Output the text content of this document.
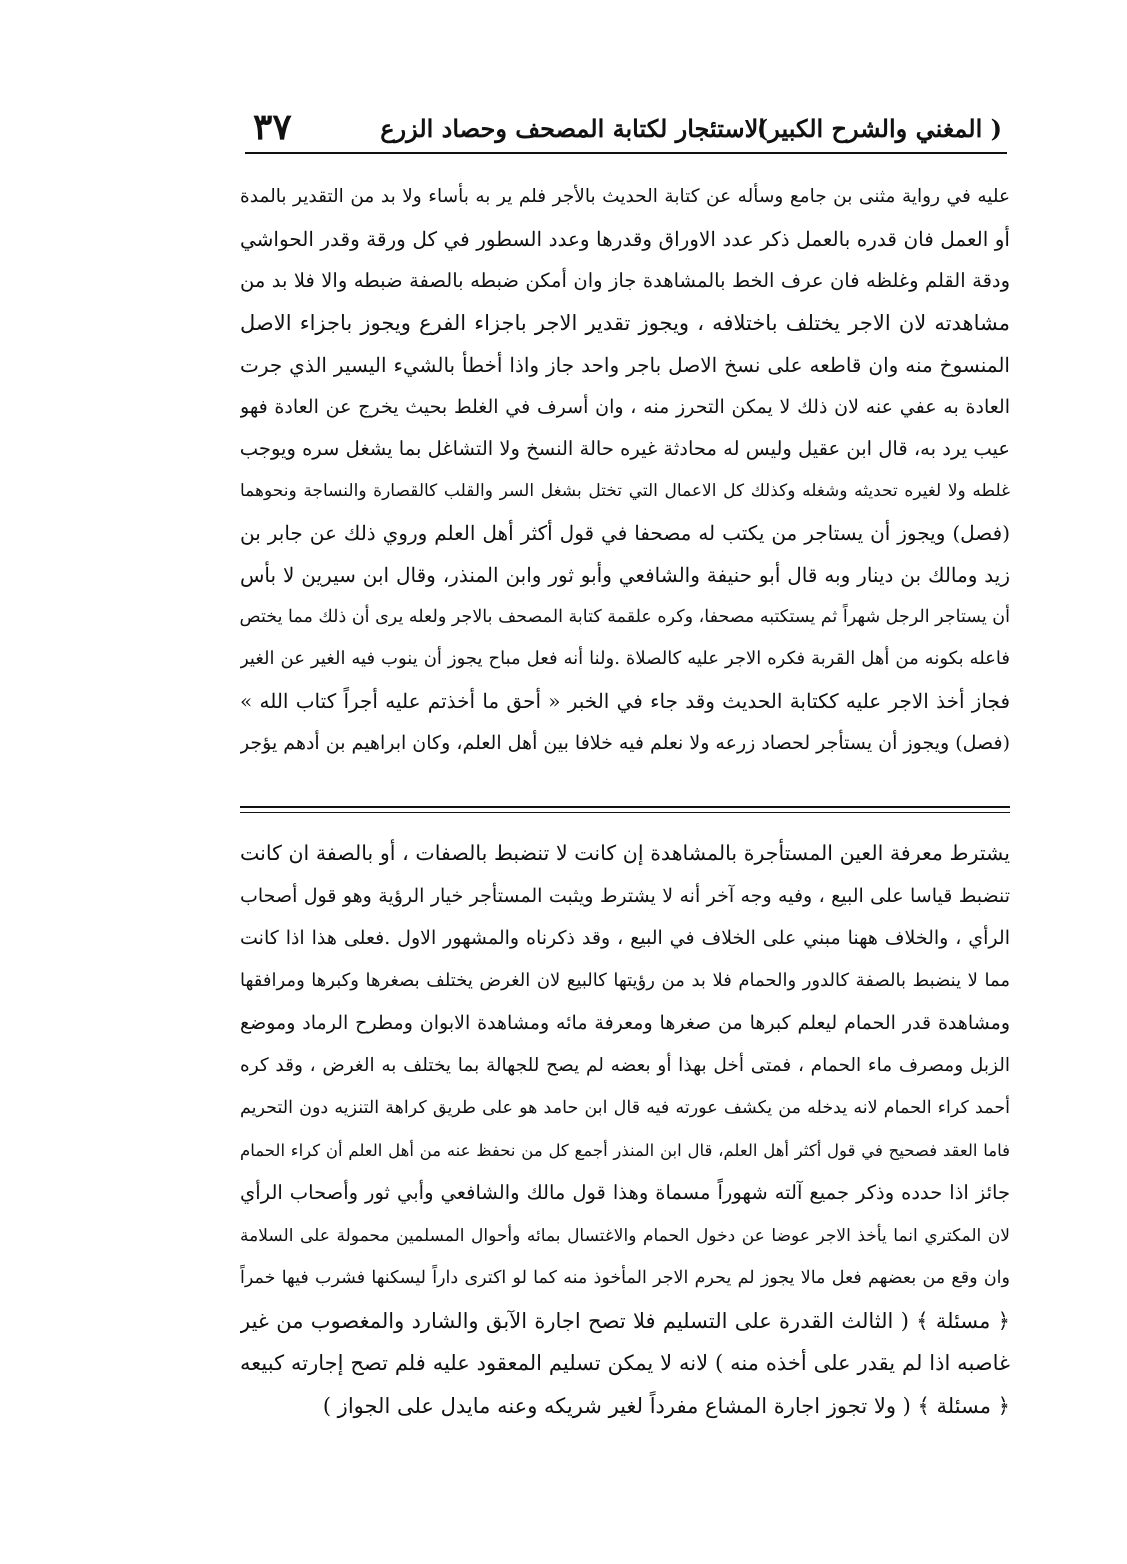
( المغني والشرح الكبير)
الاستئجار لكتابة المصحف وحصاد الزرع
٣٧
عليه في رواية مثنى بن جامع وسأله عن كتابة الحديث بالأجر فلم ير به بأساء ولا بد من التقدير بالمدة
أو العمل فان قدره بالعمل ذكر عدد الاوراق وقدرها وعدد السطور في كل ورقة وقدر الحواشي
ودقة القلم وغلظه فان عرف الخط بالمشاهدة جاز وان أمكن ضبطه بالصفة ضبطه والا فلا بد من
مشاهدته لان الاجر يختلف باختلافه ، ويجوز تقدير الاجر باجزاء الفرع ويجوز باجزاء الاصل
المنسوخ منه وان قاطعه على نسخ الاصل باجر واحد جاز واذا أخطأ بالشيء اليسير الذي جرت
العادة به عفي عنه لان ذلك لا يمكن التحرز منه ، وان أسرف في الغلط بحيث يخرج عن العادة فهو
عيب يرد به، قال ابن عقيل وليس له محادثة غيره حالة النسخ ولا التشاغل بما يشغل سره ويوجب
غلطه ولا لغيره تحديثه وشغله وكذلك كل الاعمال التي تختل بشغل السر والقلب كالقصارة والنساجة ونحوهما
(فصل) ويجوز أن يستاجر من يكتب له مصحفا في قول أكثر أهل العلم وروي ذلك عن جابر بن
زيد ومالك بن دينار وبه قال أبو حنيفة والشافعي وأبو ثور وابن المنذر، وقال ابن سيرين لا بأس
أن يستاجر الرجل شهراً ثم يستكتبه مصحفا، وكره علقمة كتابة المصحف بالاجر ولعله يرى أن ذلك مما يختص
فاعله بكونه من أهل القربة فكره الاجر عليه كالصلاة .ولنا أنه فعل مباح يجوز أن ينوب فيه الغير عن الغير
فجاز أخذ الاجر عليه ككتابة الحديث وقد جاء في الخبر « أحق ما أخذتم عليه أجراً كتاب الله »
(فصل) ويجوز أن يستأجر لحصاد زرعه ولا نعلم فيه خلافا بين أهل العلم، وكان ابراهيم بن أدهم يؤجر
يشترط معرفة العين المستأجرة بالمشاهدة إن كانت لا تنضبط بالصفات ، أو بالصفة ان كانت
تنضبط قياسا على البيع ، وفيه وجه آخر أنه لا يشترط ويثبت المستأجر خيار الرؤية وهو قول أصحاب
الرأي ، والخلاف ههنا مبني على الخلاف في البيع ، وقد ذكرناه والمشهور الاول .فعلى هذا اذا كانت
مما لا ينضبط بالصفة كالدور والحمام فلا بد من رؤيتها كالبيع لان الغرض يختلف بصغرها وكبرها ومرافقها
ومشاهدة قدر الحمام ليعلم كبرها من صغرها ومعرفة مائه ومشاهدة الابوان ومطرح الرماد وموضع
الزبل ومصرف ماء الحمام ، فمتى أخل بهذا أو بعضه لم يصح للجهالة بما يختلف به الغرض ، وقد كره
أحمد كراء الحمام لانه يدخله من يكشف عورته فيه قال ابن حامد هو على طريق كراهة التنزيه دون التحريم
فاما العقد فصحيح في قول أكثر أهل العلم، قال ابن المنذر أجمع كل من نحفظ عنه من أهل العلم أن كراء الحمام
جائز اذا حدده وذكر جميع آلته شهوراً مسماة وهذا قول مالك والشافعي وأبي ثور وأصحاب الرأي
لان المكتري انما يأخذ الاجر عوضا عن دخول الحمام والاغتسال بمائه وأحوال المسلمين محمولة على السلامة
وان وقع من بعضهم فعل مالا يجوز لم يحرم الاجر المأخوذ منه كما لو اكترى داراً ليسكنها فشرب فيها خمراً
﴿ مسئلة ﴾ ( الثالث القدرة على التسليم فلا تصح اجارة الآبق والشارد والمغصوب من غير
غاصبه اذا لم يقدر على أخذه منه ) لانه لا يمكن تسليم المعقود عليه فلم تصح إجارته كبيعه
﴿ مسئلة ﴾ ( ولا تجوز اجارة المشاع مفرداً لغير شريكه وعنه مايدل على الجواز )
